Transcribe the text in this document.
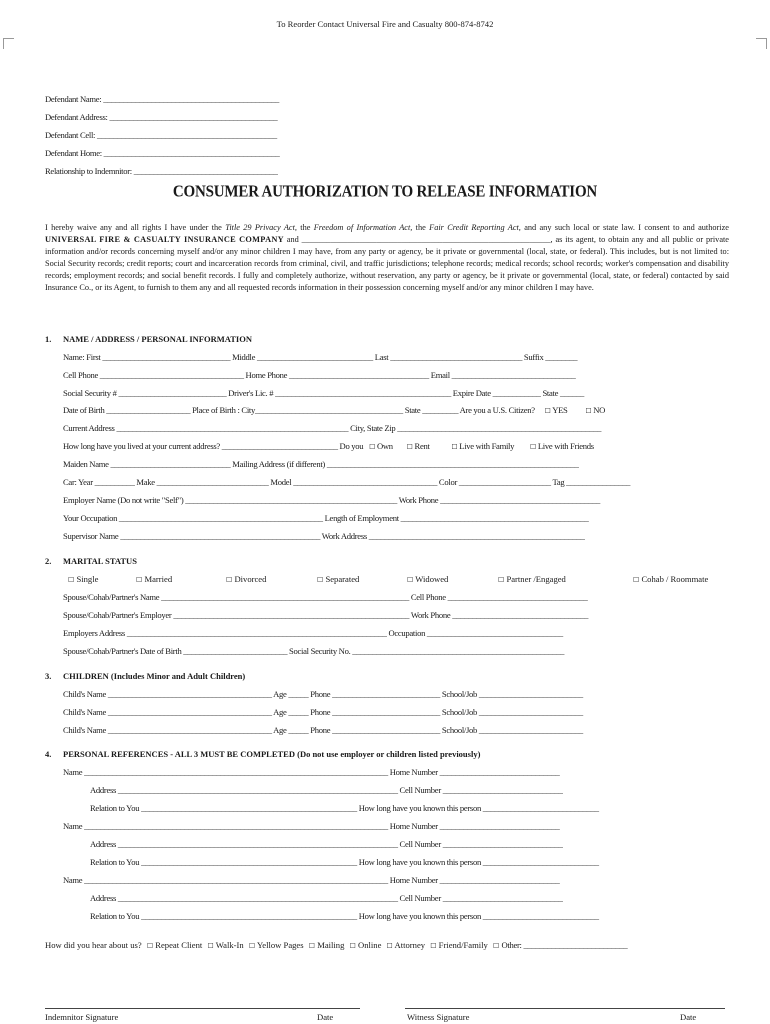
To Reorder Contact Universal Fire and Casualty 800-874-8742
Defendant Name: ____________________________________________
Defendant Address: __________________________________________
Defendant Cell: _____________________________________________
Defendant Home: ____________________________________________
Relationship to Indemnitor: ____________________________________
CONSUMER AUTHORIZATION TO RELEASE INFORMATION
I hereby waive any and all rights I have under the Title 29 Privacy Act, the Freedom of Information Act, the Fair Credit Reporting Act, and any such local or state law. I consent to and authorize UNIVERSAL FIRE & CASUALTY INSURANCE COMPANY and ____________________________________________________________, as its agent, to obtain any and all public or private information and/or records concerning myself and/or any minor children I may have, from any party or agency, be it private or governmental (local, state, or federal). This includes, but is not limited to: Social Security records; credit reports; court and incarceration records from criminal, civil, and traffic jurisdictions; telephone records; medical records; school records; worker's compensation and disability records; employment records; and social benefit records. I fully and completely authorize, without reservation, any party or agency, be it private or governmental (local, state, or federal) contacted by said Insurance Co., or its Agent, to furnish to them any and all requested records information in their possession concerning myself and/or any minor children I may have.
1. NAME / ADDRESS / PERSONAL INFORMATION
Name: First ________________________________ Middle _____________________________ Last _________________________________ Suffix ________
Cell Phone ____________________________________ Home Phone ___________________________________ Email _______________________________
Social Security # ___________________________ Driver's Lic. # ____________________________________________ Expire Date ____________ State ______
Date of Birth _____________________ Place of Birth : City_____________________________________ State _________ Are you a U.S. Citizen? ☐ YES	☐ NO
Current Address __________________________________________________________ City, State Zip ___________________________________________________
How long have you lived at your current address? _____________________________ Do you ☐ Own ☐ Rent	☐ Live with Family ☐ Live with Friends
Maiden Name ______________________________ Mailing Address (if different) _______________________________________________________________
Car: Year __________ Make ____________________________ Model ____________________________________ Color _______________________ Tag ________________
Employer Name (Do not write "Self") _____________________________________________________ Work Phone ________________________________________
Your Occupation ___________________________________________________ Length of Employment _______________________________________________
Supervisor Name __________________________________________________ Work Address ______________________________________________________
2. MARITAL STATUS
☐ Single	☐ Married	☐ Divorced	☐ Separated	☐ Widowed	☐ Partner /Engaged	☐ Cohab / Roommate
Spouse/Cohab/Partner's Name ______________________________________________________________ Cell Phone ___________________________________
Spouse/Cohab/Partner's Employer ___________________________________________________________ Work Phone __________________________________
Employers Address _________________________________________________________________ Occupation __________________________________
Spouse/Cohab/Partner's Date of Birth __________________________ Social Security No. _____________________________________________________
3. CHILDREN (Includes Minor and Adult Children)
Child's Name _________________________________________ Age _____ Phone ___________________________ School/Job __________________________
Child's Name _________________________________________ Age _____ Phone ___________________________ School/Job __________________________
Child's Name _________________________________________ Age _____ Phone ___________________________ School/Job __________________________
4. PERSONAL REFERENCES - ALL 3 MUST BE COMPLETED (Do not use employer or children listed previously)
Name ____________________________________________________________________________ Home Number ______________________________
Address ______________________________________________________________________ Cell Number ______________________________
Relation to You ______________________________________________________ How long have you known this person _____________________________
Name ____________________________________________________________________________ Home Number ______________________________
Address ______________________________________________________________________ Cell Number ______________________________
Relation to You ______________________________________________________ How long have you known this person _____________________________
Name ____________________________________________________________________________ Home Number ______________________________
Address ______________________________________________________________________ Cell Number ______________________________
Relation to You ______________________________________________________ How long have you known this person _____________________________
How did you hear about us? ☐ Repeat Client ☐ Walk-In ☐ Yellow Pages ☐ Mailing ☐ Online ☐ Attorney ☐ Friend/Family ☐ Other: __________________________
Indemnitor Signature	Date	Witness Signature	Date
